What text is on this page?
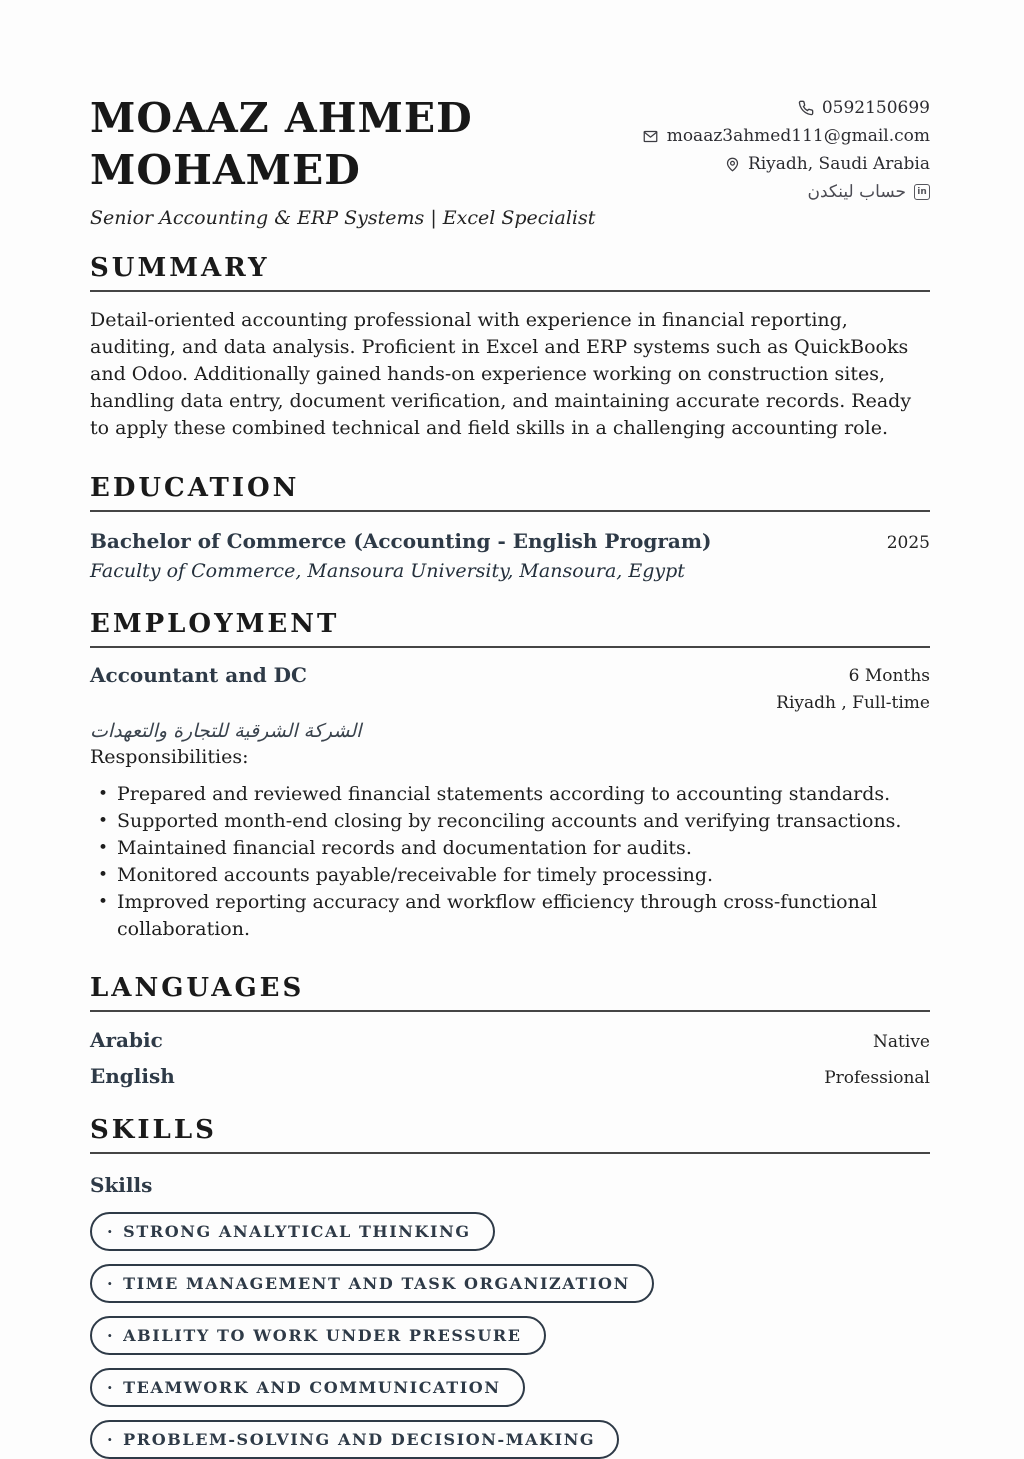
MOAAZ AHMED MOHAMED
Senior Accounting & ERP Systems | Excel Specialist
0592150699
moaaz3ahmed111@gmail.com
Riyadh, Saudi Arabia
حساب لينكدن	in
SUMMARY

Detail-oriented accounting professional with experience in financial reporting, auditing, and data analysis. Proficient in Excel and ERP systems such as QuickBooks and Odoo. Additionally gained hands-on experience working on construction sites, handling data entry, document verification, and maintaining accurate records. Ready to apply these combined technical and field skills in a challenging accounting role.

EDUCATION
Bachelor of Commerce (Accounting - English Program)	2025
Faculty of Commerce, Mansoura University, Mansoura, Egypt
EMPLOYMENT
Accountant and DC	6 Months
Riyadh , Full-time
الشركة الشرقية للتجارة والتعهدات
Responsibilities:
• Prepared and reviewed financial statements according to accounting standards.
• Supported month-end closing by reconciling accounts and verifying transactions.
• Maintained financial records and documentation for audits.
• Monitored accounts payable/receivable for timely processing.
• Improved reporting accuracy and workflow efficiency through cross-functional collaboration.
LANGUAGES
Arabic	Native
English	Professional
SKILLS
Skills
· STRONG ANALYTICAL THINKING
· TIME MANAGEMENT AND TASK ORGANIZATION
· ABILITY TO WORK UNDER PRESSURE
· TEAMWORK AND COMMUNICATION
· PROBLEM-SOLVING AND DECISION-MAKING
